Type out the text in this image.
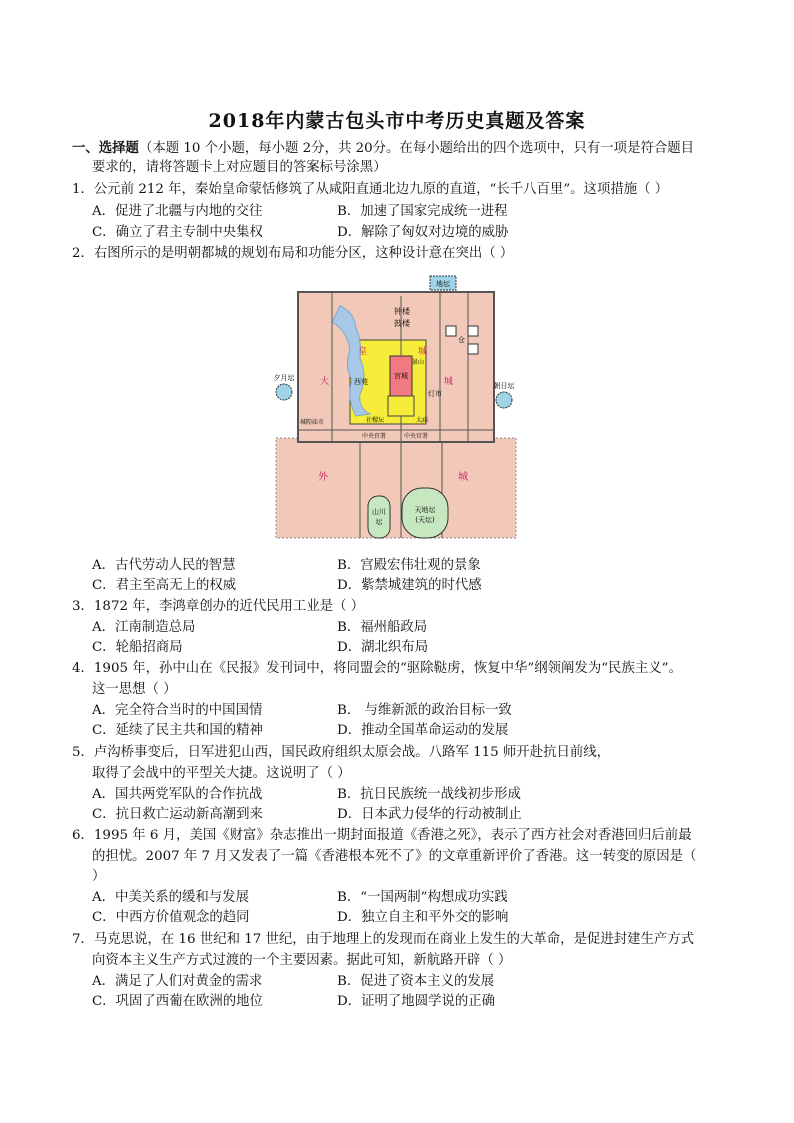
2018年内蒙古包头市中考历史真题及答案
一、选择题（本题 10 个小题，每小题 2分，共 20分。在每小题给出的四个选项中，只有一项是符合题目
要求的，请将答题卡上对应题目的答案标号涂黑）
1．公元前 212 年，秦始皇命蒙恬修筑了从咸阳直通北边九原的直道，“长千八百里”。这项措施（ ）
A．促进了北疆与内地的交往	B．加速了国家完成统一进程
C．确立了君主专制中央集权	D．解除了匈奴对边境的威胁
2．右图所示的是明朝都城的规划布局和功能分区，这种设计意在突出（ ）
地坛
夕月坛
朝日坛
钟楼
鼓楼
仓
皇	城
大	城
西苑
宫城
景山
灯市
城隍庙市	社稷坛	太庙
中央官署	中央官署
外	城
山川
坛
天地坛
(天坛)
A．古代劳动人民的智慧	B．宫殿宏伟壮观的景象
C．君主至高无上的权威	D．紫禁城建筑的时代感
3．1872 年，李鸿章创办的近代民用工业是（ ）
A．江南制造总局	B．福州船政局
C．轮船招商局	D．湖北织布局
4．1905 年，孙中山在《民报》发刊词中，将同盟会的“驱除鞑虏，恢复中华”纲领阐发为“民族主义”。
这一思想（ ）
A．完全符合当时的中国国情	B． 与维新派的政治目标一致
C．延续了民主共和国的精神	D．推动全国革命运动的发展
5．卢沟桥事变后，日军进犯山西，国民政府组织太原会战。八路军 115 师开赴抗日前线，
取得了会战中的平型关大捷。这说明了（ ）
A．国共两党军队的合作抗战	B．抗日民族统一战线初步形成
C．抗日救亡运动新高潮到来	D．日本武力侵华的行动被制止
6．1995 年 6 月，美国《财富》杂志推出一期封面报道《香港之死》，表示了西方社会对香港回归后前最
的担忧。2007 年 7 月又发表了一篇《香港根本死不了》的文章重新评价了香港。这一转变的原因是（
）
A．中美关系的缓和与发展	B．“一国两制”构想成功实践
C．中西方价值观念的趋同	D．独立自主和平外交的影响
7．马克思说，在 16 世纪和 17 世纪，由于地理上的发现而在商业上发生的大革命，是促进封建生产方式
向资本主义生产方式过渡的一个主要因素。据此可知，新航路开辟（ ）
A．满足了人们对黄金的需求	B．促进了资本主义的发展
C．巩固了西葡在欧洲的地位	D．证明了地圆学说的正确
